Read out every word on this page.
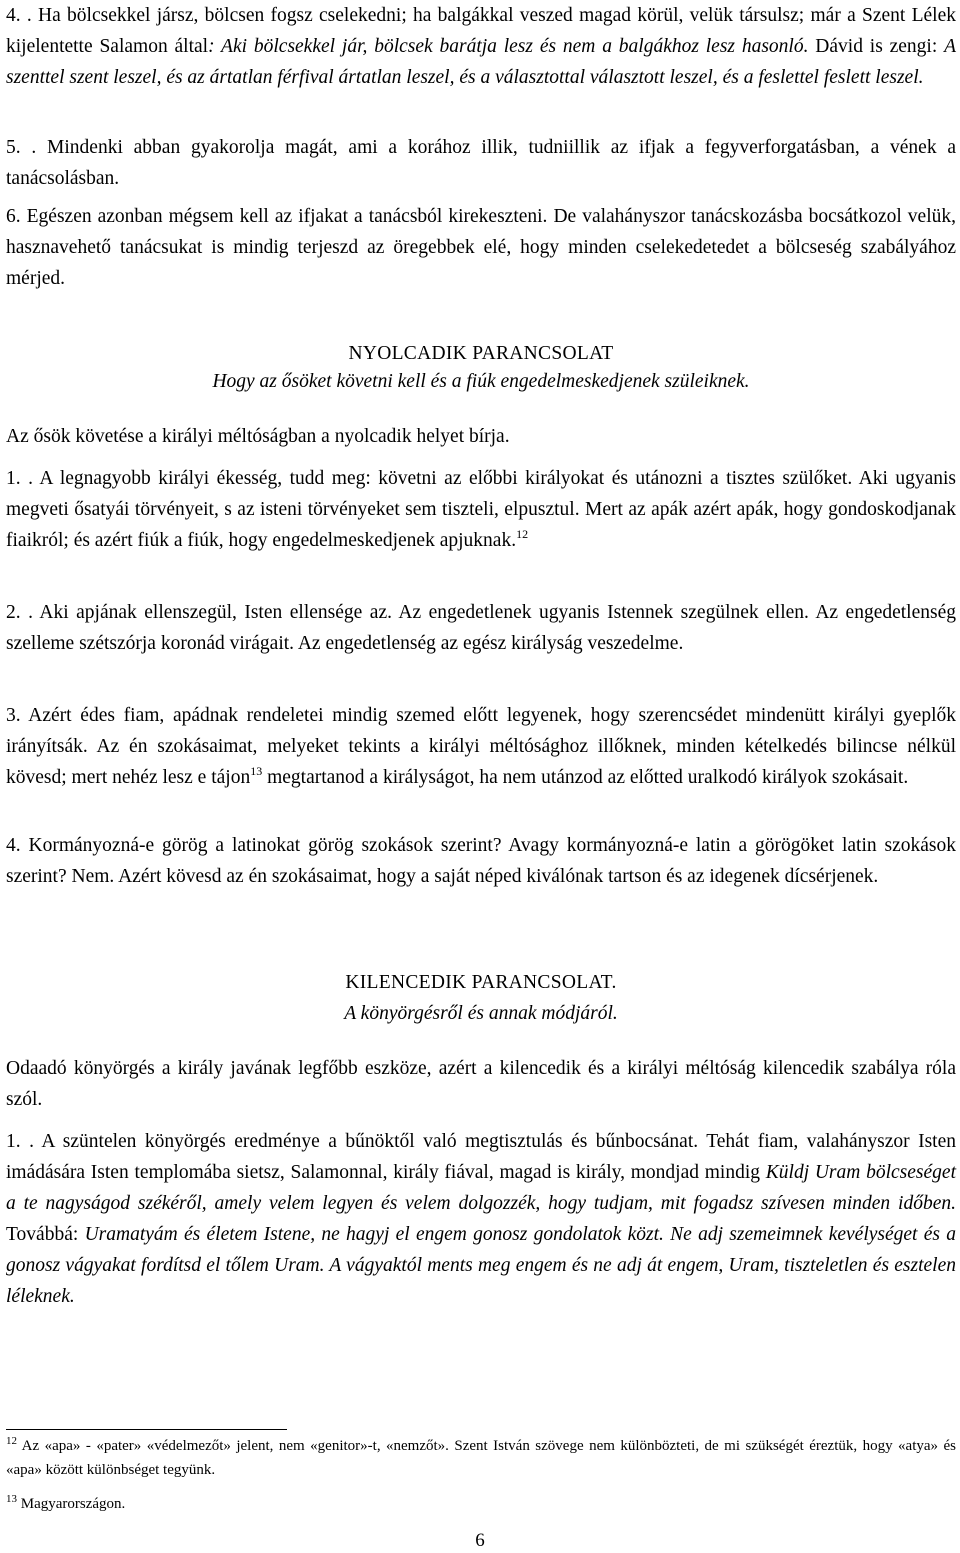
4. . Ha bölcsekkel jársz, bölcsen fogsz cselekedni; ha balgákkal veszed magad körül, velük társulsz; már a Szent Lélek kijelentette Salamon által: Aki bölcsekkel jár, bölcsek barátja lesz és nem a balgákhoz lesz hasonló. Dávid is zengi: A szenttel szent leszel, és az ártatlan férfival ártatlan leszel, és a választottal választott leszel, és a feslettel feslett leszel.

5. . Mindenki abban gyakorolja magát, ami a korához illik, tudniillik az ifjak a fegyverforgatásban, a vének a tanácsolásban.

6. Egészen azonban mégsem kell az ifjakat a tanácsból kirekeszteni. De valahányszor tanácskozásba bocsátkozol velük, hasznavehető tanácsukat is mindig terjeszd az öregebbek elé, hogy minden cselekedetedet a bölcseség szabályához mérjed.

NYOLCADIK PARANCSOLAT

Hogy az ősöket követni kell és a fiúk engedelmeskedjenek szüleiknek.

Az ősök követése a királyi méltóságban a nyolcadik helyet bírja.

1. . A legnagyobb királyi ékesség, tudd meg: követni az előbbi királyokat és utánozni a tisztes szülőket. Aki ugyanis megveti ősatyái törvényeit, s az isteni törvényeket sem tiszteli, elpusztul. Mert az apák azért apák, hogy gondoskodjanak fiaikról; és azért fiúk a fiúk, hogy engedelmeskedjenek apjuknak.$^{12}$

2. . Aki apjának ellenszegül, Isten ellensége az. Az engedetlenek ugyanis Istennek szegülnek ellen. Az engedetlenség szelleme szétszórja koronád virágait. Az engedetlenség az egész királyság veszedelme.

3. Azért édes fiam, apádnak rendeletei mindig szemed előtt legyenek, hogy szerencsédet mindenütt királyi gyeplők irányítsák. Az én szokásaimat, melyeket tekints a királyi méltósághoz illőknek, minden kételkedés bilincse nélkül kövesd; mert nehéz lesz e tájon$^{13}$ megtartanod a királyságot, ha nem utánzod az előtted uralkodó királyok szokásait.

4. Kormányozná-e görög a latinokat görög szokások szerint? Avagy kormányozná-e latin a görögöket latin szokások szerint? Nem. Azért kövesd az én szokásaimat, hogy a saját néped kiválónak tartson és az idegenek dícsérjenek.

KILENCEDIK PARANCSOLAT.

A könyörgésről és annak módjáról.

Odaadó könyörgés a király javának legfőbb eszköze, azért a kilencedik és a királyi méltóság kilencedik szabálya róla szól.

1. . A szüntelen könyörgés eredménye a bűnöktől való megtisztulás és bűnbocsánat. Tehát fiam, valahányszor Isten imádására Isten templomába sietsz, Salamonnal, király fiával, magad is király, mondjad mindig Küldj Uram bölcseséget a te nagyságod székéről, amely velem legyen és velem dolgozzék, hogy tudjam, mit fogadsz szívesen minden időben. Továbbá: Uramatyám és életem Istene, ne hagyj el engem gonosz gondolatok közt. Ne adj szemeimnek kevélységet és a gonosz vágyakat fordítsd el tőlem Uram. A vágyaktól ments meg engem és ne adj át engem, Uram, tiszteletlen és esztelen léleknek.

$^{12}$ Az «apa» - «pater» «védelmezőt» jelent, nem «genitor»-t, «nemzőt». Szent István szövege nem különbözteti, de mi szükségét éreztük, hogy «atya» és «apa» között különbséget tegyünk.

$^{13}$ Magyarországon.

6
